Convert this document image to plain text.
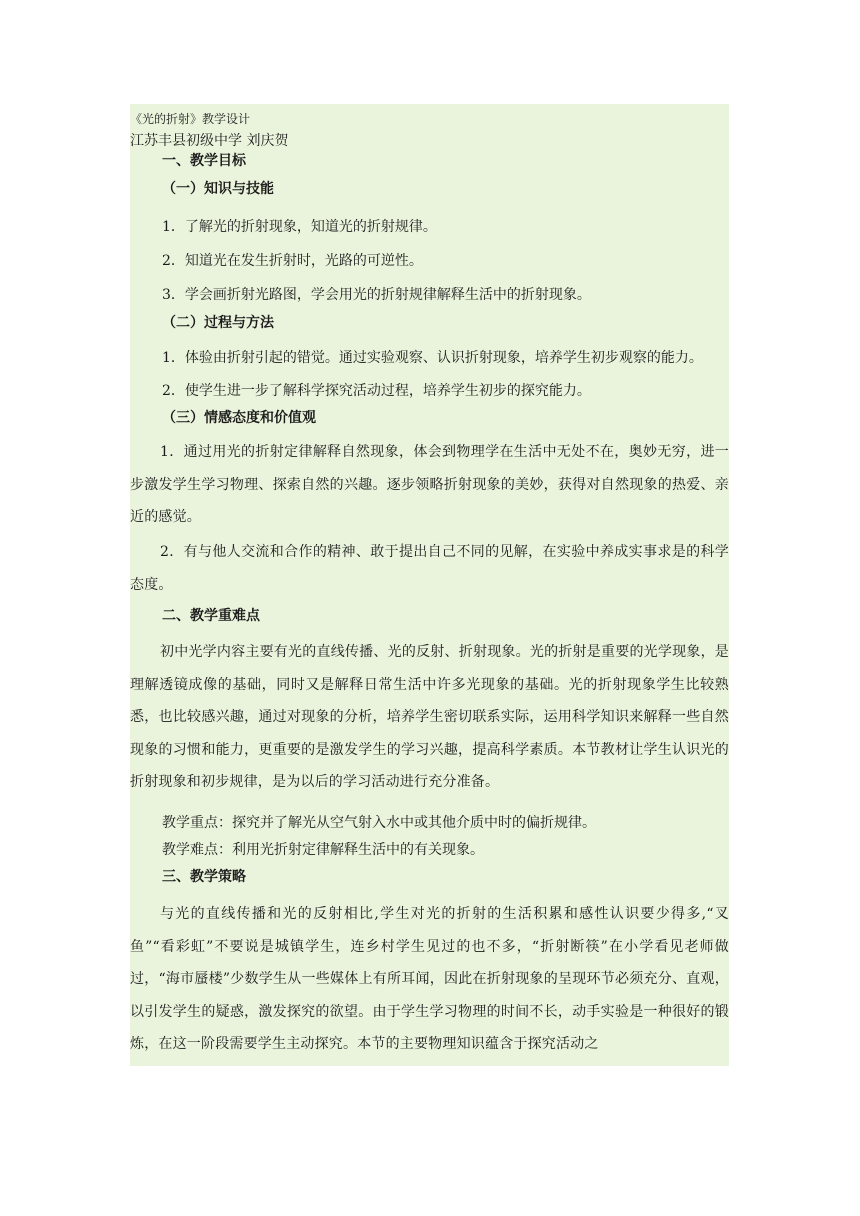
《光的折射》教学设计
江苏丰县初级中学 刘庆贺
一、教学目标
（一）知识与技能
1．了解光的折射现象，知道光的折射规律。
2．知道光在发生折射时，光路的可逆性。
3．学会画折射光路图，学会用光的折射规律解释生活中的折射现象。
（二）过程与方法
1．体验由折射引起的错觉。通过实验观察、认识折射现象，培养学生初步观察的能力。
2．使学生进一步了解科学探究活动过程，培养学生初步的探究能力。
（三）情感态度和价值观
1．通过用光的折射定律解释自然现象，体会到物理学在生活中无处不在，奥妙无穷，进一步激发学生学习物理、探索自然的兴趣。逐步领略折射现象的美妙，获得对自然现象的热爱、亲近的感觉。
2．有与他人交流和合作的精神、敢于提出自己不同的见解，在实验中养成实事求是的科学态度。
二、教学重难点
初中光学内容主要有光的直线传播、光的反射、折射现象。光的折射是重要的光学现象，是理解透镜成像的基础，同时又是解释日常生活中许多光现象的基础。光的折射现象学生比较熟悉，也比较感兴趣，通过对现象的分析，培养学生密切联系实际，运用科学知识来解释一些自然现象的习惯和能力，更重要的是激发学生的学习兴趣，提高科学素质。本节教材让学生认识光的折射现象和初步规律，是为以后的学习活动进行充分准备。
教学重点：探究并了解光从空气射入水中或其他介质中时的偏折规律。
教学难点：利用光折射定律解释生活中的有关现象。
三、教学策略
与光的直线传播和光的反射相比,学生对光的折射的生活积累和感性认识要少得多,“叉鱼”“看彩虹”不要说是城镇学生，连乡村学生见过的也不多，“折射断筷”在小学看见老师做过，“海市蜃楼”少数学生从一些媒体上有所耳闻，因此在折射现象的呈现环节必须充分、直观，以引发学生的疑惑，激发探究的欲望。由于学生学习物理的时间不长，动手实验是一种很好的锻炼，在这一阶段需要学生主动探究。本节的主要物理知识蕴含于探究活动之
